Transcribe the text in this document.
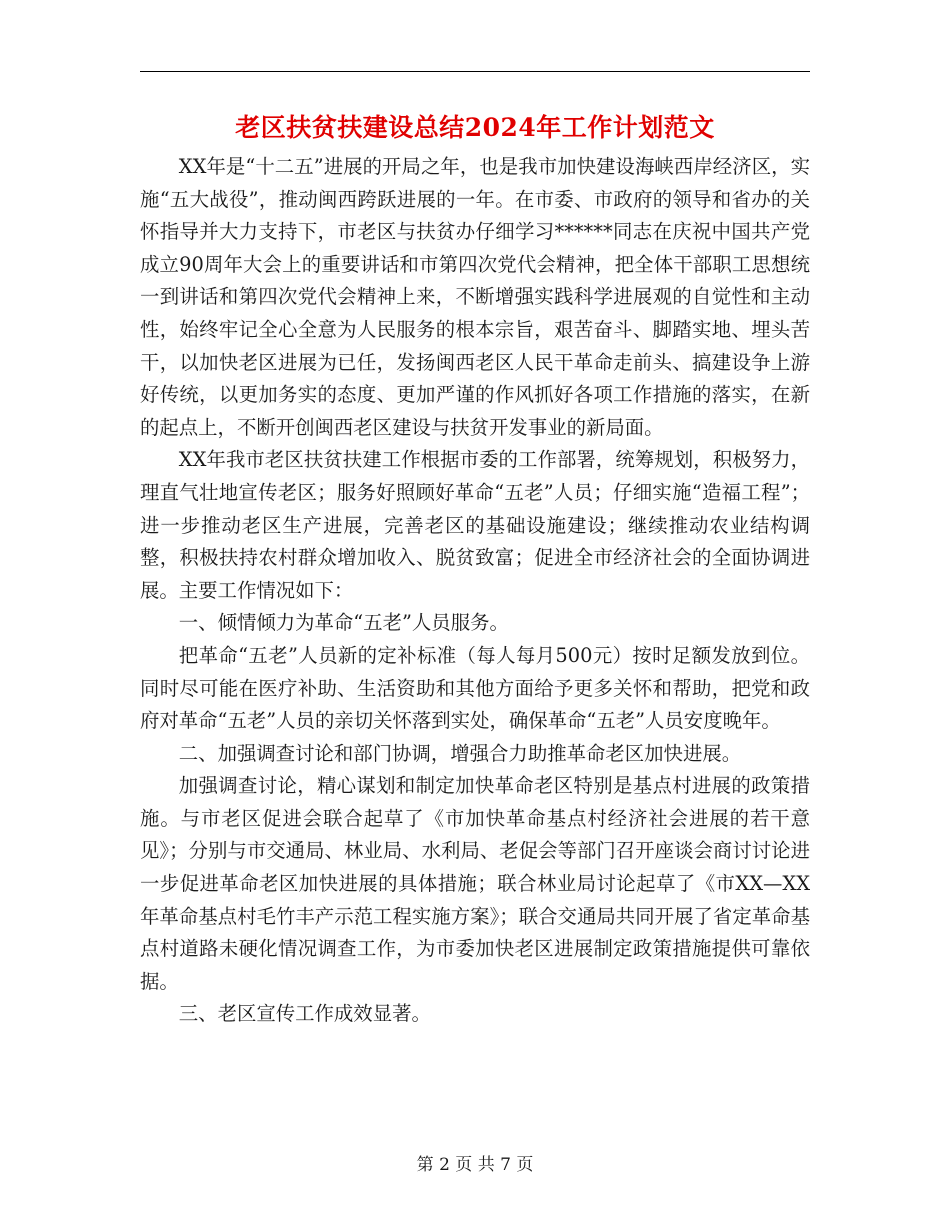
老区扶贫扶建设总结2024年工作计划范文

XX年是“十二五”进展的开局之年，也是我市加快建设海峡西岸经济区，实施“五大战役”，推动闽西跨跃进展的一年。在市委、市政府的领导和省办的关怀指导并大力支持下，市老区与扶贫办仔细学习******同志在庆祝中国共产党成立90周年大会上的重要讲话和市第四次党代会精神，把全体干部职工思想统一到讲话和第四次党代会精神上来，不断增强实践科学进展观的自觉性和主动性，始终牢记全心全意为人民服务的根本宗旨，艰苦奋斗、脚踏实地、埋头苦干，以加快老区进展为已任，发扬闽西老区人民干革命走前头、搞建设争上游好传统，以更加务实的态度、更加严谨的作风抓好各项工作措施的落实，在新的起点上，不断开创闽西老区建设与扶贫开发事业的新局面。

XX年我市老区扶贫扶建工作根据市委的工作部署，统筹规划，积极努力，理直气壮地宣传老区；服务好照顾好革命“五老”人员；仔细实施“造福工程”；进一步推动老区生产进展，完善老区的基础设施建设；继续推动农业结构调整，积极扶持农村群众增加收入、脱贫致富；促进全市经济社会的全面协调进展。主要工作情况如下：

一、倾情倾力为革命“五老”人员服务。

把革命“五老”人员新的定补标准（每人每月500元）按时足额发放到位。同时尽可能在医疗补助、生活资助和其他方面给予更多关怀和帮助，把党和政府对革命“五老”人员的亲切关怀落到实处，确保革命“五老”人员安度晚年。

二、加强调查讨论和部门协调，增强合力助推革命老区加快进展。

加强调查讨论，精心谋划和制定加快革命老区特别是基点村进展的政策措施。与市老区促进会联合起草了《市加快革命基点村经济社会进展的若干意见》；分别与市交通局、林业局、水利局、老促会等部门召开座谈会商讨讨论进一步促进革命老区加快进展的具体措施；联合林业局讨论起草了《市XX—XX年革命基点村毛竹丰产示范工程实施方案》；联合交通局共同开展了省定革命基点村道路未硬化情况调查工作，为市委加快老区进展制定政策措施提供可靠依据。

三、老区宣传工作成效显著。

第 2 页 共 7 页
